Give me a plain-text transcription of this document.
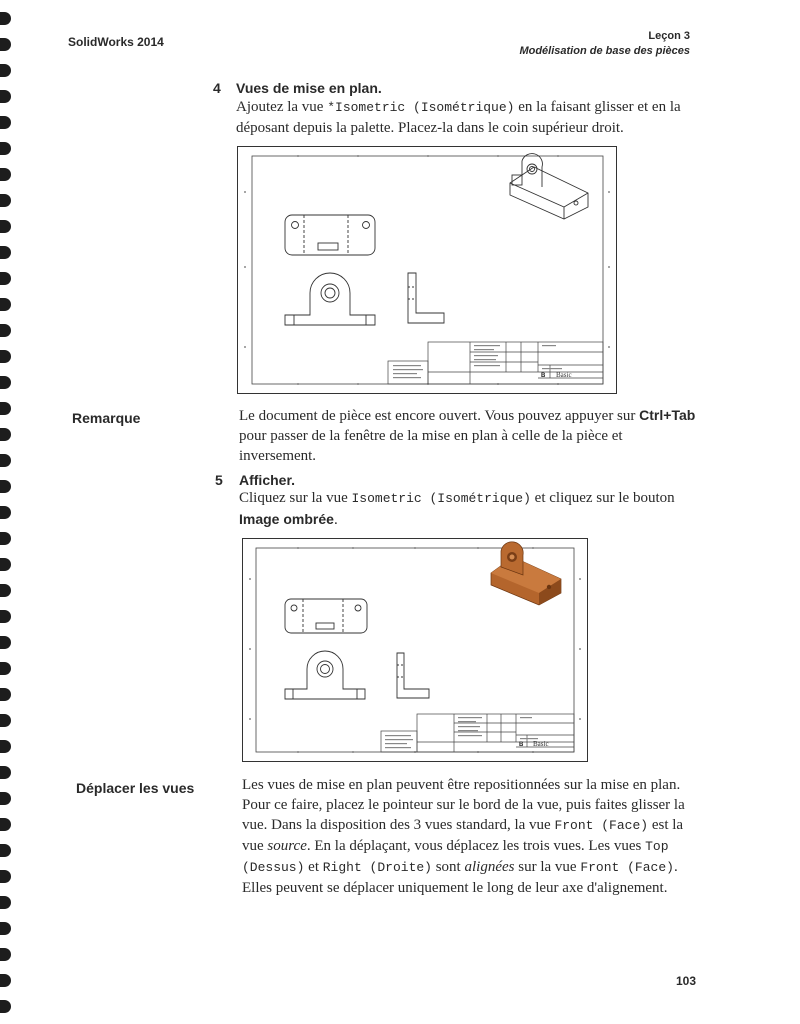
SolidWorks 2014	Leçon 3
Modélisation de base des pièces
4 Vues de mise en plan.
Ajoutez la vue *Isometric (Isométrique) en la faisant glisser et en la déposant depuis la palette. Placez-la dans le coin supérieur droit.
B Basic
Remarque	Le document de pièce est encore ouvert. Vous pouvez appuyer sur Ctrl+Tab pour passer de la fenêtre de la mise en plan à celle de la pièce et inversement.
5 Afficher.
Cliquez sur la vue Isometric (Isométrique) et cliquez sur le bouton Image ombrée.
B Basic
Déplacer les vues	Les vues de mise en plan peuvent être repositionnées sur la mise en plan. Pour ce faire, placez le pointeur sur le bord de la vue, puis faites glisser la vue. Dans la disposition des 3 vues standard, la vue Front (Face) est la vue source. En la déplaçant, vous déplacez les trois vues. Les vues Top (Dessus) et Right (Droite) sont alignées sur la vue Front (Face). Elles peuvent se déplacer uniquement le long de leur axe d'alignement.
103
